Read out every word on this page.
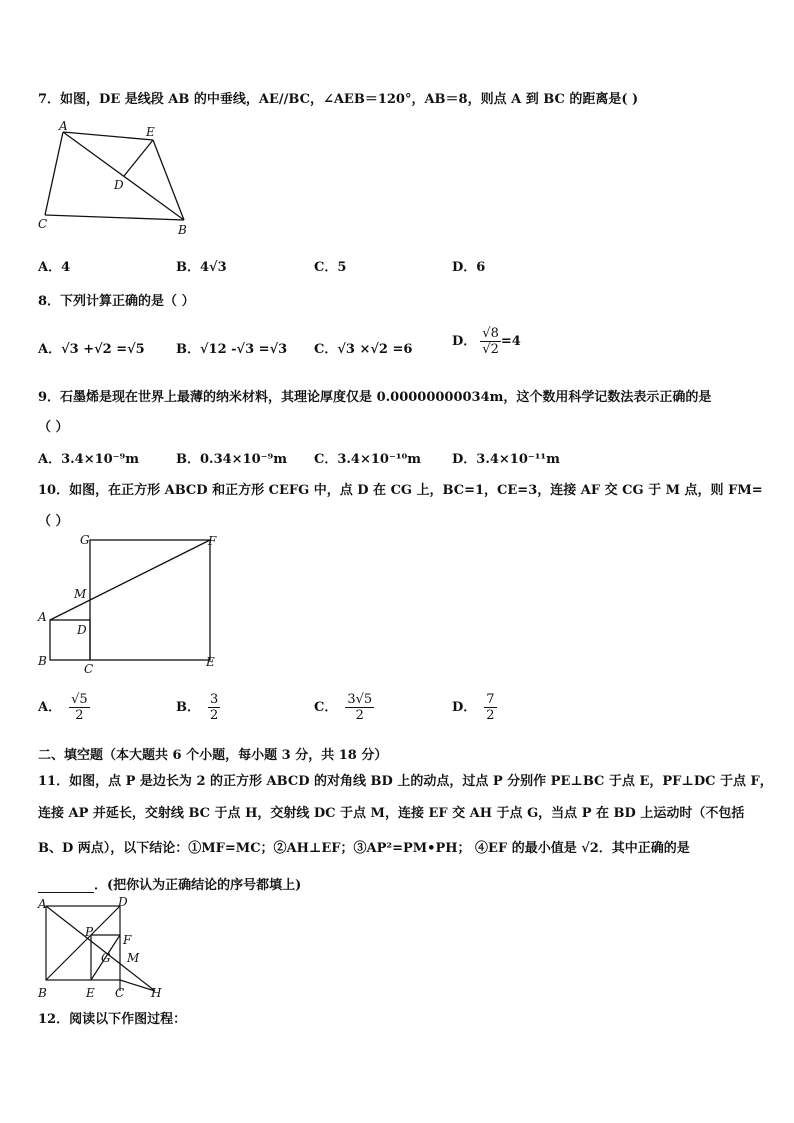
7．如图，DE 是线段 AB 的中垂线，AE//BC，∠AEB＝120°，AB＝8，则点 A 到 BC 的距离是( )
A	E
D
C	B
A．4	B．4√3	C．5	D．6
8．下列计算正确的是（ ）
A．√3 +√2 =√5 B．√12 -√3 =√3 C．√3 ×√2 =6
D． $\frac{√8}{√2} =4$
9．石墨烯是现在世界上最薄的纳米材料，其理论厚度仅是 0.00000000034m，这个数用科学记数法表示正确的是
（ ）
A．3.4×10⁻⁹m	B．0.34×10⁻⁹m C．3.4×10⁻¹⁰m D．3.4×10⁻¹¹m
10．如图，在正方形 ABCD 和正方形 CEFG 中，点 D 在 CG 上，BC=1，CE=3，连接 AF 交 CG 于 M 点，则 FM=
（ ）
G	F
M
A
D
B
C	E
A． $\frac{√5}{2}$	B． $\frac{3}{2}$	C． $\frac{3√5}{2}$	D． $\frac{7}{2}$
二、填空题（本大题共 6 个小题，每小题 3 分，共 18 分）
11．如图，点 P 是边长为 2 的正方形 ABCD 的对角线 BD 上的动点，过点 P 分别作 PE⊥BC 于点 E，PF⊥DC 于点 F，
连接 AP 并延长，交射线 BC 于点 H，交射线 DC 于点 M，连接 EF 交 AH 于点 G，当点 P 在 BD 上运动时（不包括
B、D 两点），以下结论：①MF=MC；②AH⊥EF；③AP²=PM•PH； ④EF 的最小值是 √2．其中正确的是
．(把你认为正确结论的序号都填上)
A	D
P
F
G M
B	E C H
12．阅读以下作图过程：
